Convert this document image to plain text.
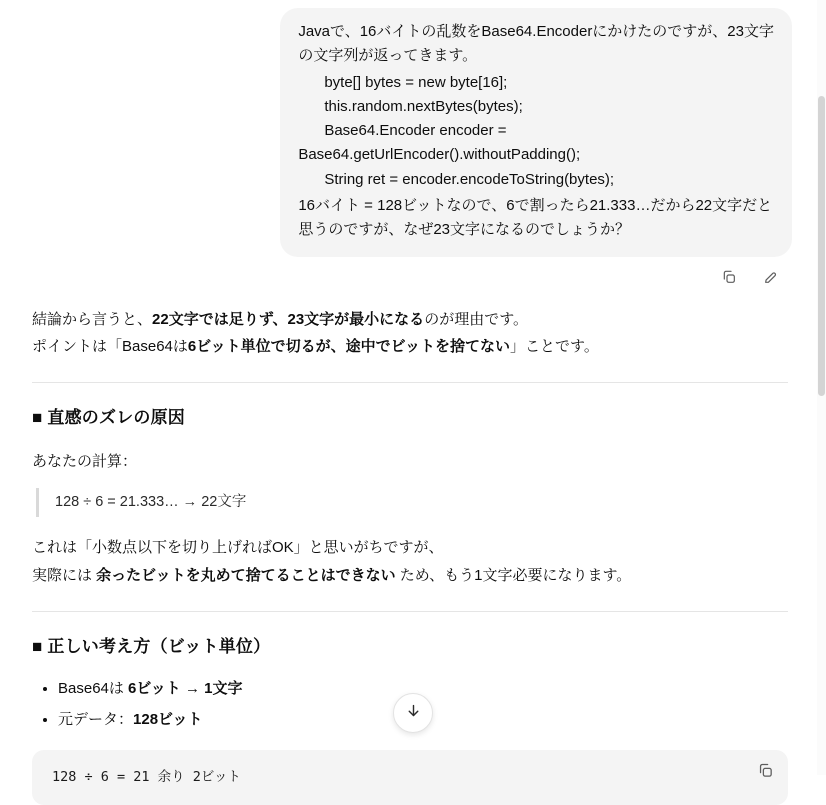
Javaで、16バイトの乱数をBase64.Encoderにかけたのですが、23文字

の文字列が返ってきます。

byte[] bytes = new byte[16];
this.random.nextBytes(bytes);
Base64.Encoder encoder =
Base64.getUrlEncoder().withoutPadding();
String ret = encoder.encodeToString(bytes);

16バイト = 128ビットなので、6で割ったら21.333…だから22文字だと

思うのですが、なぜ23文字になるのでしょうか？

結論から言うと、22文字では足りず、23文字が最小になるのが理由です。

ポイントは「Base64は6ビット単位で切るが、途中でビットを捨てない」ことです。

■ 直感のズレの原因

あなたの計算：

128 ÷ 6 = 21.333… → 22文字

これは「小数点以下を切り上げればOK」と思いがちですが、

実際には 余ったビットを丸めて捨てることはできない ため、もう1文字必要になります。

■ 正しい考え方（ビット単位）
• Base64は 6ビット → 1文字
• 元データ：128ビット
128 ÷ 6 = 21 余り 2ビット
